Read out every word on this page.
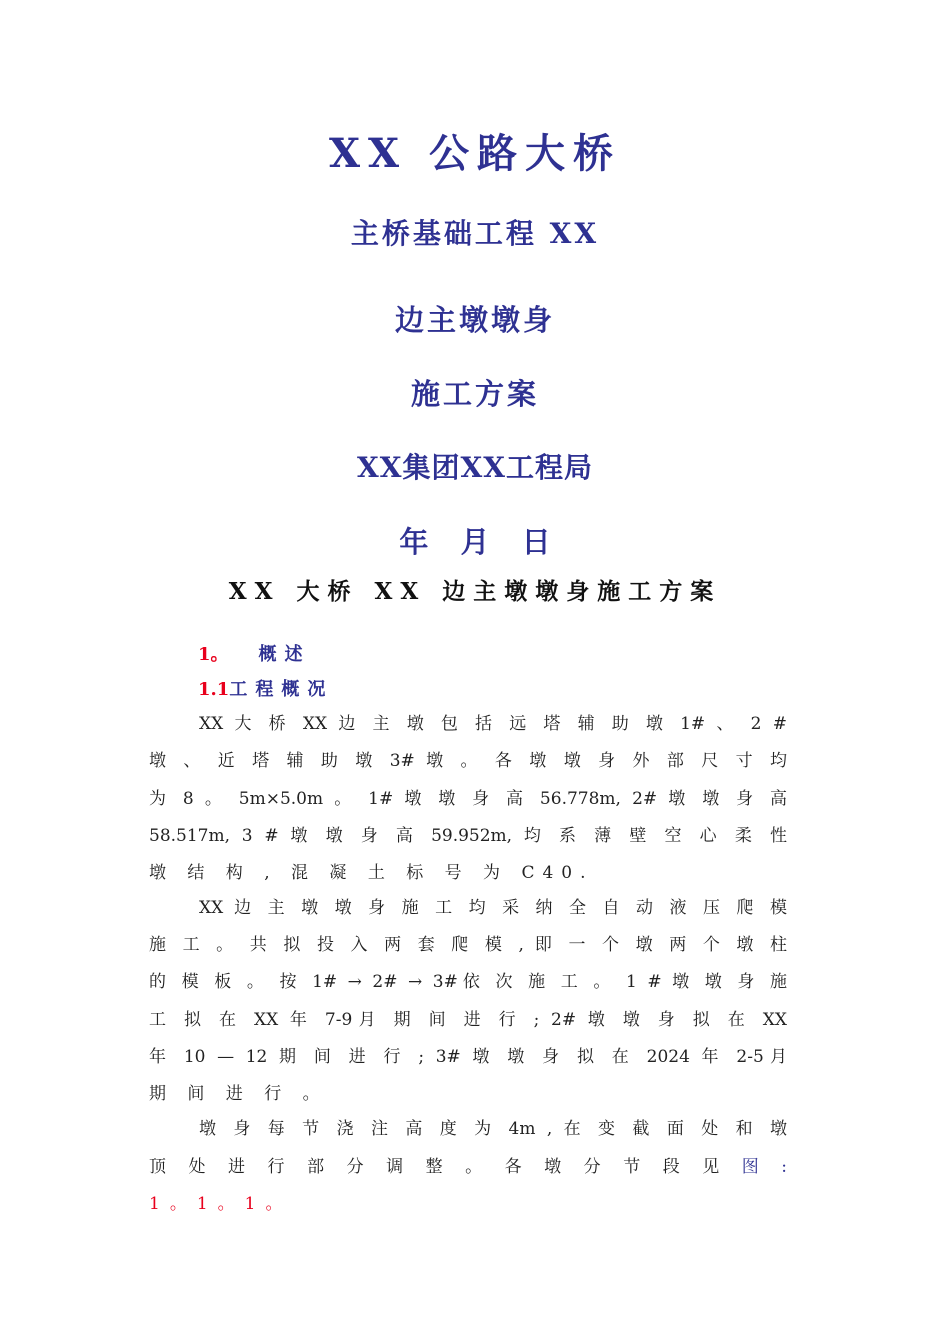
XX 公路大桥
主桥基础工程 XX
边主墩墩身
施工方案
XX集团XX工程局
年 月 日
XX 大桥 XX 边主墩墩身施工方案
1。 概述
1.1工程概况
XX 大 桥 XX 边 主 墩 包 括 远 塔 辅 助 墩 1# 、 2 #
墩 、 近 塔 辅 助 墩 3# 墩 。 各 墩 墩 身 外 部 尺 寸 均
为 8 。 5m×5.0m 。 1# 墩 墩 身 高 56.778m, 2# 墩 墩 身 高
58.517m, 3 # 墩 墩 身 高 59.952m, 均 系 薄 壁 空 心 柔 性
墩 结 构 , 混 凝 土 标 号 为 C40.
XX 边 主 墩 墩 身 施 工 均 采 纳 全 自 动 液 压 爬 模
施 工 。 共 拟 投 入 两 套 爬 模 , 即 一 个 墩 两 个 墩 柱
的 模 板 。 按 1# → 2# → 3#依 次 施 工 。 1 # 墩 墩 身 施
工 拟 在 XX 年 7-9月 期 间 进 行 ; 2# 墩 墩 身 拟 在 XX
年 10 — 12 期 间 进 行 ; 3# 墩 墩 身 拟 在 2024 年 2-5月
期 间 进 行 。
墩 身 每 节 浇 注 高 度 为 4m , 在 变 截 面 处 和 墩
顶 处 进 行 部 分 调 整 。 各 墩 分 节 段 见 图 :
1。1。1。
